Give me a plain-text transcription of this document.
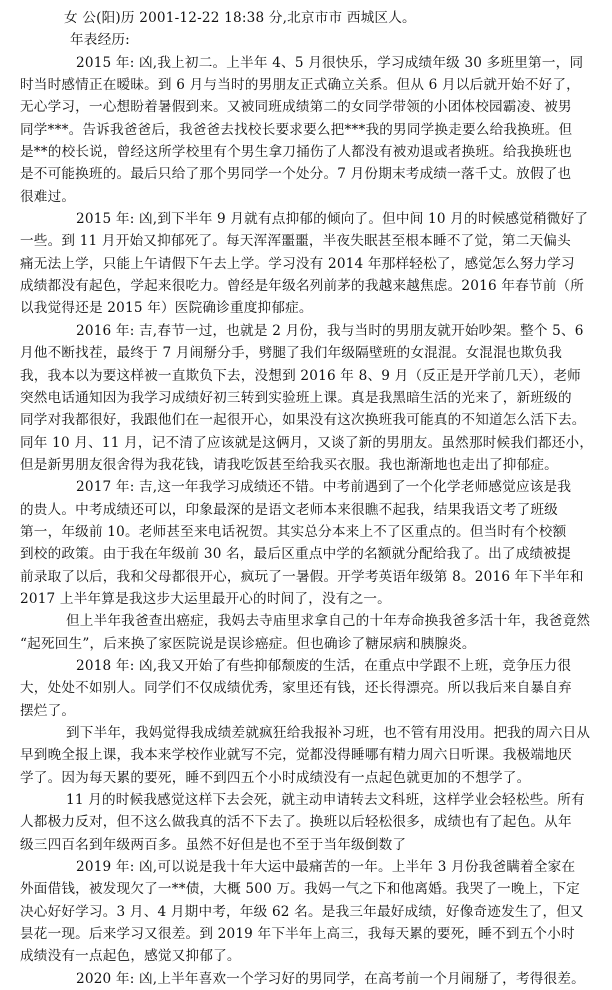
女 公(阳)历 2001-12-22 18:38 分,北京市市 西城区人。
年表经历:
2015 年: 凶,我上初二。上半年 4、5 月很快乐，学习成绩年级 30 多班里第一，同
时当时感情正在暧昧。到 6 月与当时的男朋友正式确立关系。但从 6 月以后就开始不好了，
无心学习，一心想盼着暑假到来。又被同班成绩第二的女同学带领的小团体校园霸凌、被男
同学***。告诉我爸爸后，我爸爸去找校长要求要么把***我的男同学换走要么给我换班。但
是**的校长说，曾经这所学校里有个男生拿刀捅伤了人都没有被劝退或者换班。给我换班也
是不可能换班的。最后只给了那个男同学一个处分。7 月份期末考成绩一落千丈。放假了也
很难过。
2015 年: 凶,到下半年 9 月就有点抑郁的倾向了。但中间 10 月的时候感觉稍微好了
一些。到 11 月开始又抑郁死了。每天浑浑噩噩，半夜失眠甚至根本睡不了觉，第二天偏头
痛无法上学，只能上午请假下午去上学。学习没有 2014 年那样轻松了，感觉怎么努力学习
成绩都没有起色，学起来很吃力。曾经是年级名列前茅的我越来越焦虑。2016 年春节前（所
以我觉得还是 2015 年）医院确诊重度抑郁症。
2016 年: 吉,春节一过，也就是 2 月份，我与当时的男朋友就开始吵架。整个 5、6
月他不断找茬，最终于 7 月闹掰分手，劈腿了我们年级隔壁班的女混混。女混混也欺负我
我，我本以为要这样被一直欺负下去，没想到 2016 年 8、9 月（反正是开学前几天），老师
突然电话通知因为我学习成绩好初三转到实验班上课。真是我黑暗生活的光来了，新班级的
同学对我都很好，我跟他们在一起很开心，如果没有这次换班我可能真的不知道怎么活下去。
同年 10 月、11 月，记不清了应该就是这俩月，又谈了新的男朋友。虽然那时候我们都还小，
但是新男朋友很舍得为我花钱，请我吃饭甚至给我买衣服。我也渐渐地也走出了抑郁症。
2017 年: 吉,这一年我学习成绩还不错。中考前遇到了一个化学老师感觉应该是我
的贵人。中考成绩还可以，印象最深的是语文老师本来很瞧不起我，结果我语文考了班级
第一，年级前 10。老师甚至来电话祝贺。其实总分本来上不了区重点的。但当时有个校额
到校的政策。由于我在年级前 30 名，最后区重点中学的名额就分配给我了。出了成绩被提
前录取了以后，我和父母都很开心，疯玩了一暑假。开学考英语年级第 8。2016 年下半年和
2017 上半年算是我这步大运里最开心的时间了，没有之一。
但上半年我爸查出癌症，我妈去寺庙里求拿自己的十年寿命换我爸多活十年，我爸竟然
“起死回生”，后来换了家医院说是误诊癌症。但也确诊了糖尿病和胰腺炎。
2018 年: 凶,我又开始了有些抑郁颓废的生活，在重点中学跟不上班，竞争压力很
大，处处不如别人。同学们不仅成绩优秀，家里还有钱，还长得漂亮。所以我后来自暴自弃
摆烂了。
到下半年，我妈觉得我成绩差就疯狂给我报补习班，也不管有用没用。把我的周六日从
早到晚全报上课，我本来学校作业就写不完，觉都没得睡哪有精力周六日听课。我极端地厌
学了。因为每天累的要死，睡不到四五个小时成绩没有一点起色就更加的不想学了。
11 月的时候我感觉这样下去会死，就主动申请转去文科班，这样学业会轻松些。所有
人都极力反对，但不这么做我真的活不下去了。换班以后轻松很多，成绩也有了起色。从年
级三四百名到年级两百多。虽然不好但是也不至于当年级倒数了
2019 年: 凶,可以说是我十年大运中最痛苦的一年。上半年 3 月份我爸瞒着全家在
外面借钱，被发现欠了一**债，大概 500 万。我妈一气之下和他离婚。我哭了一晚上，下定
决心好好学习。3 月、4 月期中考，年级 62 名。是我三年最好成绩，好像奇迹发生了，但又
昙花一现。后来学习又很差。到 2019 年下半年上高三，我每天累的要死，睡不到五个小时
成绩没有一点起色，感觉又抑郁了。
2020 年: 凶,上半年喜欢一个学习好的男同学，在高考前一个月闹掰了，考得很差。
